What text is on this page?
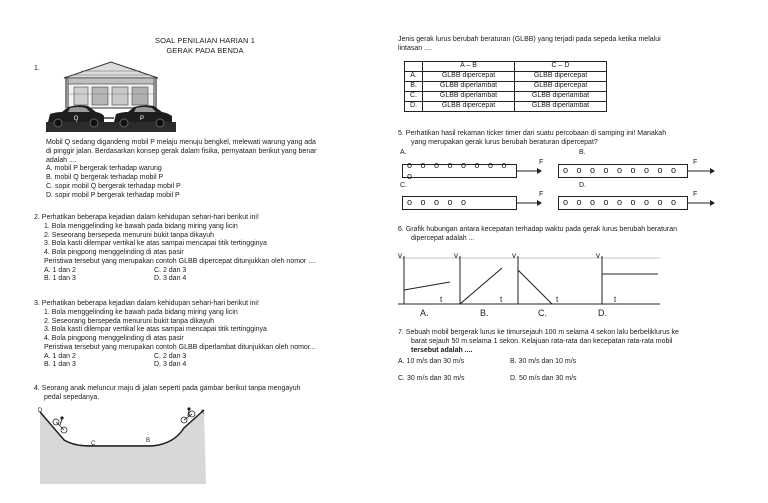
SOAL PENILAIAN HARIAN 1
GERAK PADA BENDA
1.
Q	P
Mobil Q sedang digandeng mobil P melaju menuju bengkel, melewati warung yang ada
di pinggir jalan. Berdasarkan konsep gerak dalam fisika, pernyataan berikut yang benar
adalah ....
A. mobil P bergerak terhadap warung
B. mobil Q bergerak terhadap mobil P
C. sopir mobil Q bergerak terhadap mobil P
D. sopir mobil P bergerak terhadap mobil P
2. Perhatikan beberapa kejadian dalam kehidupan sehari-hari berikut ini!
1. Bola menggelinding ke bawah pada bidang miring yang licin
2. Seseorang bersepeda menuruni bukit tanpa dikayuh
3. Bola kasti dilempar vertikal ke atas sampai mencapai titik tertingginya
4. Bola pingpong menggelinding di atas pasir
Peristiwa tersebut yang merupakan contoh GLBB dipercepat ditunjukkan oleh nomor ....
A. 1 dan 2	C. 2 dan 3
B. 1 dan 3	D. 3 dan 4
3. Perhatikan beberapa kejadian dalam kehidupan sehari-hari berikut ini!
1. Bola menggelinding ke bawah pada bidang miring yang licin
2. Seseorang bersepeda menuruni bukit tanpa dikayuh
3. Bola kasti dilempar vertikal ke atas sampai mencapai titik tertingginya
4. Bola pingpong menggelinding di atas pasir
Peristiwa tersebut yang merupakan contoh GLBB diperlambat ditunjukkan oleh nomor...
A. 1 dan 2	C. 2 dan 3
B. 1 dan 3	D. 3 dan 4
4. Seorang anak meluncur maju di jalan seperti pada gambar berikut tanpa mengayuh
pedal sepedanya.
D
C	B
A
Jenis gerak lurus berubah beraturan (GLBB) yang terjadi pada sepeda ketika melalui
lintasan ....
	A – B	C – D
A.	GLBB dipercepat	GLBB dipercepat
B.	GLBB diperlambat	GLBB dipercepat
C.	GLBB diperlambat	GLBB diperlambat
D.	GLBB dipercepat	GLBB diperlambat
5. Perhatikan hasil rekaman ticker timer dari suatu percobaan di samping ini! Manakah
yang merupakan gerak lurus berubah beraturan dipercepat?
A.	B.
C.	D.
o o o o o o o o o
o o o o o o o o o
o o o o o	o o o o o o o o o
F
F
F
F
6. Grafik hubungan antara kecepatan terhadap waktu pada gerak lurus berubah beraturan
dipercepat adalah ...
v
t
v
t
v
t
v
t
A.	B.	C.	D.
7. Sebuah mobil bergerak lurus ke timursejauh 100 m selama 4 sekon lalu berbeliklurus ke
barat sejauh 50 m selama 1 sekon. Kelajuan rata-rata dan kecepatan rata-rata mobil
tersebut adalah ....
A. 10 m/s dan 30 m/s	B. 30 m/s dan 10 m/s
C. 30 m/s dan 30 m/s	D. 50 m/s dan 30 m/s
